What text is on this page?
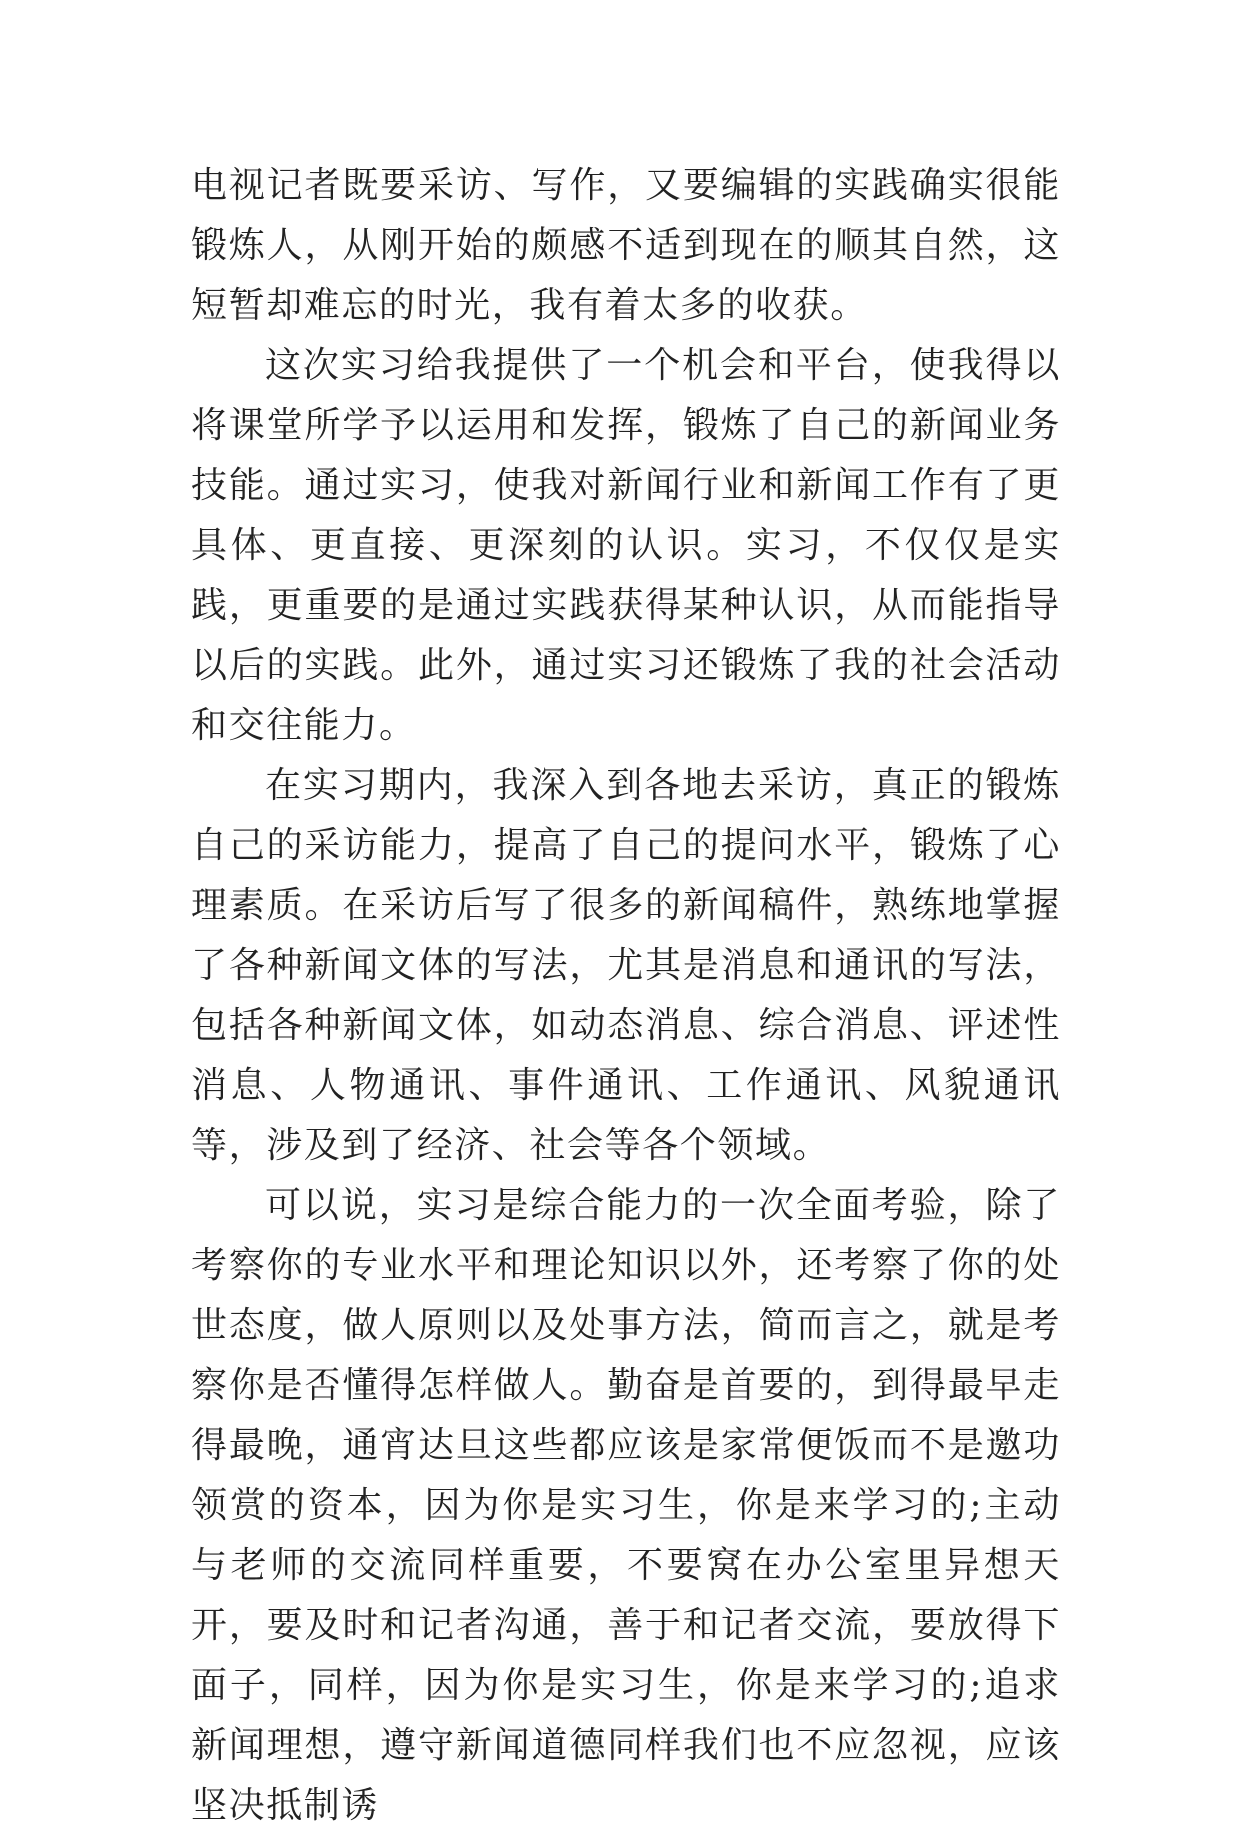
电视记者既要采访、写作，又要编辑的实践确实很能锻炼人，从刚开始的颇感不适到现在的顺其自然，这短暂却难忘的时光，我有着太多的收获。

这次实习给我提供了一个机会和平台，使我得以将课堂所学予以运用和发挥，锻炼了自己的新闻业务技能。通过实习，使我对新闻行业和新闻工作有了更具体、更直接、更深刻的认识。实习，不仅仅是实践，更重要的是通过实践获得某种认识，从而能指导以后的实践。此外，通过实习还锻炼了我的社会活动和交往能力。

在实习期内，我深入到各地去采访，真正的锻炼自己的采访能力，提高了自己的提问水平，锻炼了心理素质。在采访后写了很多的新闻稿件，熟练地掌握了各种新闻文体的写法，尤其是消息和通讯的写法，包括各种新闻文体，如动态消息、综合消息、评述性消息、人物通讯、事件通讯、工作通讯、风貌通讯等，涉及到了经济、社会等各个领域。

可以说，实习是综合能力的一次全面考验，除了考察你的专业水平和理论知识以外，还考察了你的处世态度，做人原则以及处事方法，简而言之，就是考察你是否懂得怎样做人。勤奋是首要的，到得最早走得最晚，通宵达旦这些都应该是家常便饭而不是邀功领赏的资本，因为你是实习生，你是来学习的;主动与老师的交流同样重要，不要窝在办公室里异想天开，要及时和记者沟通，善于和记者交流，要放得下面子，同样，因为你是实习生，你是来学习的;追求新闻理想，遵守新闻道德同样我们也不应忽视，应该坚决抵制诱
